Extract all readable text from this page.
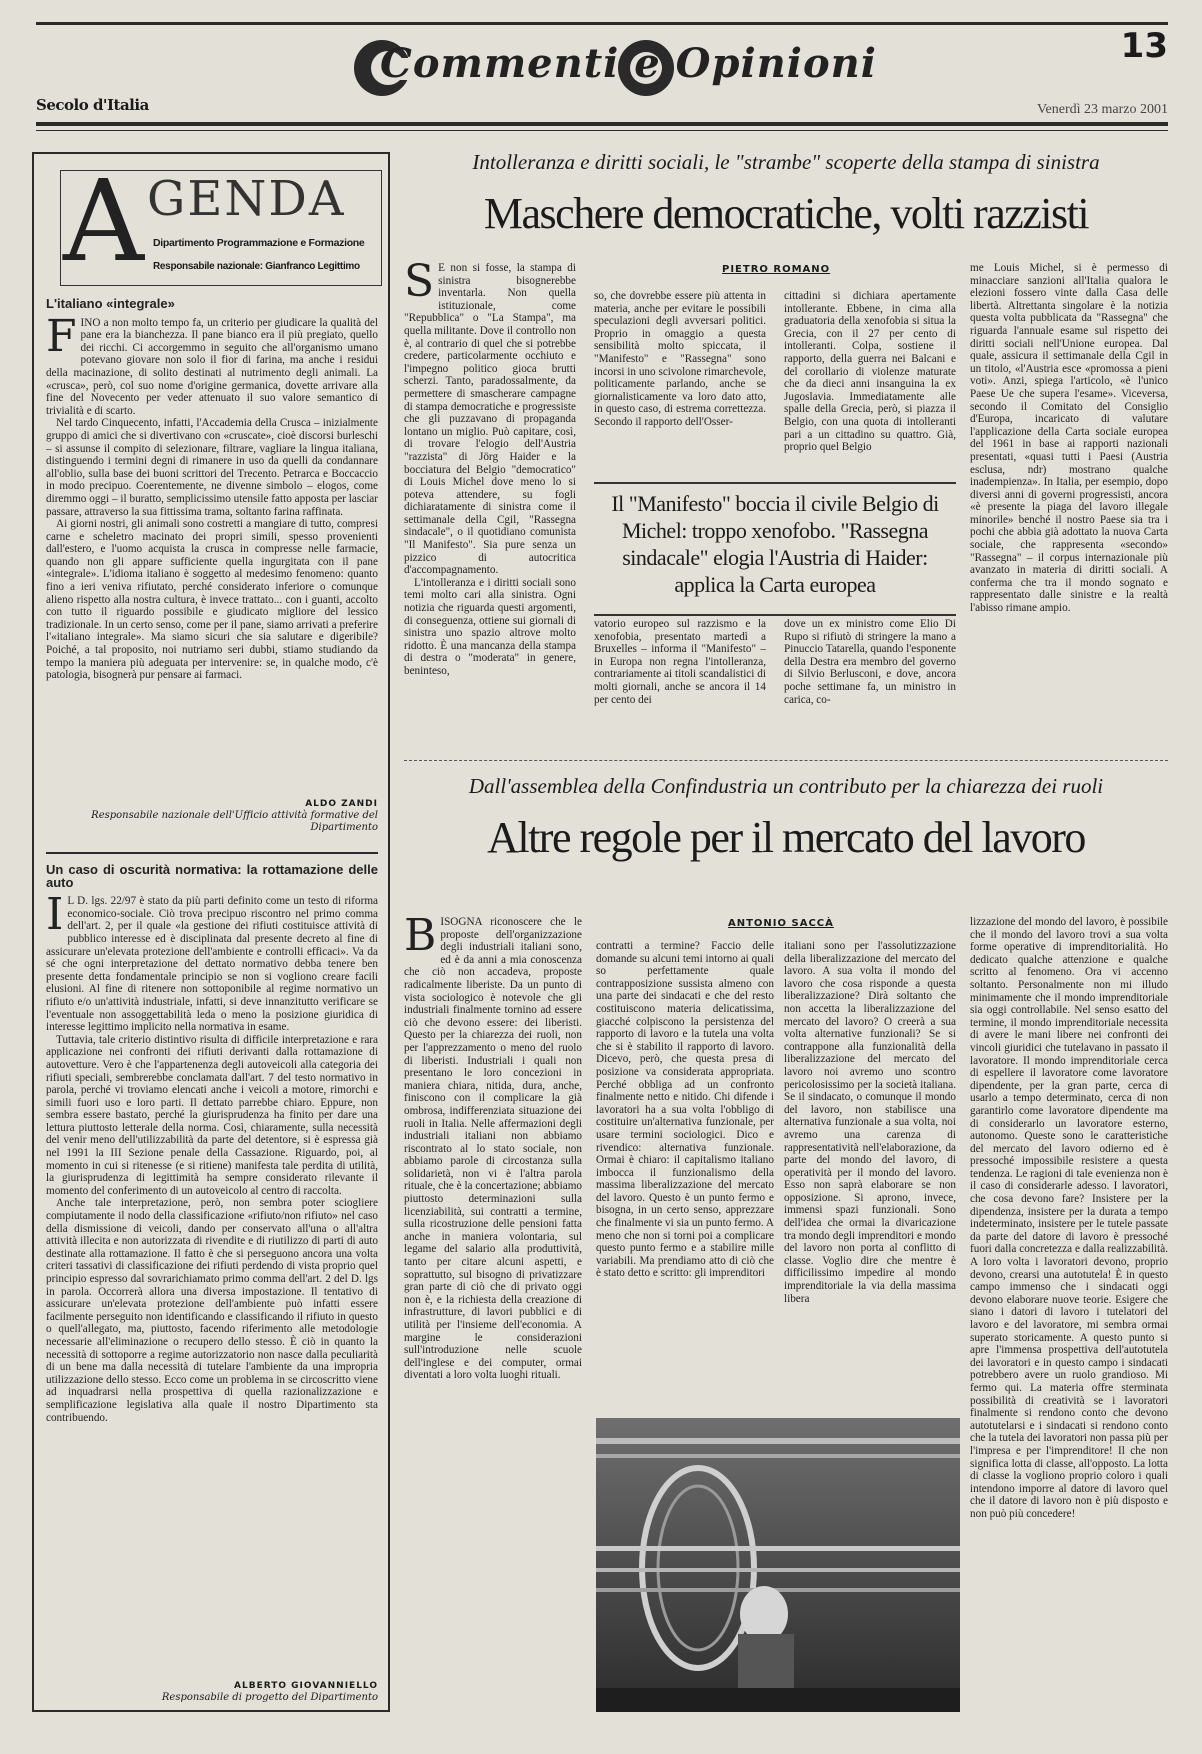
Commenti e Opinioni	13
Secolo d'Italia	Venerdì 23 marzo 2001
A GENDA
Dipartimento Programmazione e Formazione
Responsabile nazionale: Gianfranco Legittimo
L'italiano «integrale»

FINO a non molto tempo fa, un criterio per giudicare la qualità del pane era la bianchezza. Il pane bianco era il più pregiato, quello dei ricchi. Ci accorgemmo in seguito che all'organismo umano potevano giovare non solo il fior di farina, ma anche i residui della macinazione, di solito destinati al nutrimento degli animali. La «crusca», però, col suo nome d'origine germanica, dovette arrivare alla fine del Novecento per veder attenuato il suo valore semantico di trivialità e di scarto.

Nel tardo Cinquecento, infatti, l'Accademia della Crusca – inizialmente gruppo di amici che si divertivano con «cruscate», cioè discorsi burleschi – si assunse il compito di selezionare, filtrare, vagliare la lingua italiana, distinguendo i termini degni di rimanere in uso da quelli da condannare all'oblio, sulla base dei buoni scrittori del Trecento. Petrarca e Boccaccio in modo precipuo. Coerentemente, ne divenne simbolo – elogos, come diremmo oggi – il buratto, semplicissimo utensile fatto apposta per lasciar passare, attraverso la sua fittissima trama, soltanto farina raffinata.

Ai giorni nostri, gli animali sono costretti a mangiare di tutto, compresi carne e scheletro macinato dei propri simili, spesso provenienti dall'estero, e l'uomo acquista la crusca in compresse nelle farmacie, quando non gli appare sufficiente quella ingurgitata con il pane «integrale». L'idioma italiano è soggetto al medesimo fenomeno: quanto fino a ieri veniva rifiutato, perché considerato inferiore o comunque alieno rispetto alla nostra cultura, è invece trattato... con i guanti, accolto con tutto il riguardo possibile e giudicato migliore del lessico tradizionale. In un certo senso, come per il pane, siamo arrivati a preferire l'«italiano integrale». Ma siamo sicuri che sia salutare e digeribile? Poiché, a tal proposito, noi nutriamo seri dubbi, stiamo studiando da tempo la maniera più adeguata per intervenire: se, in qualche modo, c'è patologia, bisognerà pur pensare ai farmaci.

ALDO ZANDI
Responsabile nazionale dell'Ufficio attività formative del Dipartimento
Un caso di oscurità normativa: la rottamazione delle auto

I L D. lgs. 22/97 è stato da più parti definito come un testo di riforma economico-sociale. Ciò trova precipuo riscontro nel primo comma dell'art. 2, per il quale «la gestione dei rifiuti costituisce attività di pubblico interesse ed è disciplinata dal presente decreto al fine di assicurare un'elevata protezione dell'ambiente e controlli efficaci». Va da sé che ogni interpretazione del dettato normativo debba tenere ben presente detta fondamentale principio se non si vogliono creare facili elusioni. Al fine di ritenere non sottoponibile al regime normativo un rifiuto e/o un'attività industriale, infatti, si deve innanzitutto verificare se l'eventuale non assoggettabilità leda o meno la posizione giuridica di interesse legittimo implicito nella normativa in esame.

Tuttavia, tale criterio distintivo risulta di difficile interpretazione e rara applicazione nei confronti dei rifiuti derivanti dalla rottamazione di autovetture. Vero è che l'appartenenza degli autoveicoli alla categoria dei rifiuti speciali, sembrerebbe conclamata dall'art. 7 del testo normativo in parola, perché vi troviamo elencati anche i veicoli a motore, rimorchi e simili fuori uso e loro parti. Il dettato parrebbe chiaro. Eppure, non sembra essere bastato, perché la giurisprudenza ha finito per dare una lettura piuttosto letterale della norma. Così, chiaramente, sulla necessità del venir meno dell'utilizzabilità da parte del detentore, si è espressa già nel 1991 la III Sezione penale della Cassazione. Riguardo, poi, al momento in cui si ritenesse (e si ritiene) manifesta tale perdita di utilità, la giurisprudenza di legittimità ha sempre considerato rilevante il momento del conferimento di un autoveicolo al centro di raccolta.

Anche tale interpretazione, però, non sembra poter sciogliere compiutamente il nodo della classificazione «rifiuto/non rifiuto» nel caso della dismissione di veicoli, dando per conservato all'una o all'altra attività illecita e non autorizzata di rivendite e di riutilizzo di parti di auto destinate alla rottamazione. Il fatto è che si perseguono ancora una volta criteri tassativi di classificazione dei rifiuti perdendo di vista proprio quel principio espresso dal sovrarichiamato primo comma dell'art. 2 del D. lgs in parola. Occorrerà allora una diversa impostazione. Il tentativo di assicurare un'elevata protezione dell'ambiente può infatti essere facilmente perseguito non identificando e classificando il rifiuto in questo o quell'allegato, ma, piuttosto, facendo riferimento alle metodologie necessarie all'eliminazione o recupero dello stesso. È ciò in quanto la necessità di sottoporre a regime autorizzatorio non nasce dalla peculiarità di un bene ma dalla necessità di tutelare l'ambiente da una impropria utilizzazione dello stesso. Ecco come un problema in se circoscritto viene ad inquadrarsi nella prospettiva di quella razionalizzazione e semplificazione legislativa alla quale il nostro Dipartimento sta contribuendo.

ALBERTO GIOVANNIELLO
Responsabile di progetto del Dipartimento
Intolleranza e diritti sociali, le "strambe" scoperte della stampa di sinistra
Maschere democratiche, volti razzisti
PIETRO ROMANO

S E non si fosse, la stampa di sinistra bisognerebbe inventarla. Non quella istituzionale, come "Repubblica" o "La Stampa", ma quella militante. Dove il controllo non è, al contrario di quel che si potrebbe credere, particolarmente occhiuto e l'impegno politico gioca brutti scherzi. Tanto, paradossalmente, da permettere di smascherare campagne di stampa democratiche e progressiste che gli puzzavano di propaganda lontano un miglio. Può capitare, così, di trovare l'elogio dell'Austria "razzista" di Jörg Haider e la bocciatura del Belgio "democratico" di Louis Michel dove meno lo si poteva attendere, su fogli dichiaratamente di sinistra come il settimanale della Cgil, "Rassegna sindacale", o il quotidiano comunista "Il Manifesto". Sia pure senza un pizzico di autocritica d'accompagnamento.

L'intolleranza e i diritti sociali sono temi molto cari alla sinistra. Ogni notizia che riguarda questi argomenti, di conseguenza, ottiene sui giornali di sinistra uno spazio altrove molto ridotto. È una mancanza della stampa di destra o "moderata" in genere, beninteso,

so, che dovrebbe essere più attenta in materia, anche per evitare le possibili speculazioni degli avversari politici. Proprio in omaggio a questa sensibilità molto spiccata, il "Manifesto" e "Rassegna" sono incorsi in uno scivolone rimarchevole, politicamente parlando, anche se giornalisticamente va loro dato atto, in questo caso, di estrema correttezza. Secondo il rapporto dell'Osser-

cittadini si dichiara apertamente intollerante. Ebbene, in cima alla graduatoria della xenofobia si situa la Grecia, con il 27 per cento di intolleranti. Colpa, sostiene il rapporto, della guerra nei Balcani e del corollario di violenze maturate che da dieci anni insanguina la ex Jugoslavia. Immediatamente alle spalle della Grecia, però, si piazza il Belgio, con una quota di intolleranti pari a un cittadino su quattro. Già, proprio quel Belgio

Il "Manifesto" boccia il civile Belgio di Michel: troppo xenofobo. "Rassegna sindacale" elogia l'Austria di Haider: applica la Carta europea

vatorio europeo sul razzismo e la xenofobia, presentato martedì a Bruxelles – informa il "Manifesto" – in Europa non regna l'intolleranza, contrariamente ai titoli scandalistici di molti giornali, anche se ancora il 14 per cento dei

dove un ex ministro come Elio Di Rupo si rifiutò di stringere la mano a Pinuccio Tatarella, quando l'esponente della Destra era membro del governo di Silvio Berlusconi, e dove, ancora poche settimane fa, un ministro in carica, co-

me Louis Michel, si è permesso di minacciare sanzioni all'Italia qualora le elezioni fossero vinte dalla Casa delle libertà. Altrettanta singolare è la notizia questa volta pubblicata da "Rassegna" che riguarda l'annuale esame sul rispetto dei diritti sociali nell'Unione europea. Dal quale, assicura il settimanale della Cgil in un titolo, «l'Austria esce «promossa a pieni voti». Anzi, spiega l'articolo, «è l'unico Paese Ue che supera l'esame». Viceversa, secondo il Comitato del Consiglio d'Europa, incaricato di valutare l'applicazione della Carta sociale europea del 1961 in base ai rapporti nazionali presentati, «quasi tutti i Paesi (Austria esclusa, ndr) mostrano qualche inadempienza». In Italia, per esempio, dopo diversi anni di governi progressisti, ancora «è presente la piaga del lavoro illegale minorile» benché il nostro Paese sia tra i pochi che abbia già adottato la nuova Carta sociale, che rappresenta «secondo» "Rassegna" – il corpus internazionale più avanzato in materia di diritti sociali. A conferma che tra il mondo sognato e rappresentato dalle sinistre e la realtà l'abisso rimane ampio.

Dall'assemblea della Confindustria un contributo per la chiarezza dei ruoli
Altre regole per il mercato del lavoro
ANTONIO SACCÀ

BISOGNA riconoscere che le proposte dell'organizzazione degli industriali italiani sono, ed è da anni a mia conoscenza che ciò non accadeva, proposte radicalmente liberiste. Da un punto di vista sociologico è notevole che gli industriali finalmente tornino ad essere ciò che devono essere: dei liberisti. Questo per la chiarezza dei ruoli, non per l'apprezzamento o meno del ruolo di liberisti. Industriali i quali non presentano le loro concezioni in maniera chiara, nitida, dura, anche, finiscono con il complicare la già ombrosa, indifferenziata situazione dei ruoli in Italia. Nelle affermazioni degli industriali italiani non abbiamo riscontrato al lo stato sociale, non abbiamo parole di circostanza sulla solidarietà, non vi è l'altra parola rituale, che è la concertazione; abbiamo piuttosto determinazioni sulla licenziabilità, sui contratti a termine, sulla ricostruzione delle pensioni fatta anche in maniera volontaria, sul legame del salario alla produttività, tanto per citare alcuni aspetti, e soprattutto, sul bisogno di privatizzare gran parte di ciò che di privato oggi non è, e la richiesta della creazione di infrastrutture, di lavori pubblici e di utilità per l'insieme dell'economia. A margine le considerazioni sull'introduzione nelle scuole dell'inglese e dei computer, ormai diventati a loro volta luoghi rituali.

contratti a termine? Faccio delle domande su alcuni temi intorno ai quali so perfettamente quale contrapposizione sussista almeno con una parte dei sindacati e che del resto costituiscono materia delicatissima, giacché colpiscono la persistenza del rapporto di lavoro e la tutela una volta che si è stabilito il rapporto di lavoro. Dicevo, però, che questa presa di posizione va considerata appropriata. Perché obbliga ad un confronto finalmente netto e nitido. Chi difende i lavoratori ha a sua volta l'obbligo di costituire un'alternativa funzionale, per usare termini sociologici. Dico e rivendico: alternativa funzionale. Ormai è chiaro: il capitalismo italiano imbocca il funzionalismo della massima liberalizzazione del mercato del lavoro. Questo è un punto fermo e bisogna, in un certo senso, apprezzare che finalmente vi sia un punto fermo. A meno che non si torni poi a complicare questo punto fermo e a stabilire mille variabili. Ma prendiamo atto di ciò che è stato detto e scritto: gli imprenditori

italiani sono per l'assolutizzazione della liberalizzazione del mercato del lavoro. A sua volta il mondo del lavoro che cosa risponde a questa liberalizzazione? Dirà soltanto che non accetta la liberalizzazione del mercato del lavoro? O creerà a sua volta alternative funzionali? Se si contrappone alla funzionalità della liberalizzazione del mercato del lavoro noi avremo uno scontro pericolosissimo per la società italiana. Se il sindacato, o comunque il mondo del lavoro, non stabilisce una alternativa funzionale a sua volta, noi avremo una carenza di rappresentatività nell'elaborazione, da parte del mondo del lavoro, di operatività per il mondo del lavoro. Esso non saprà elaborare se non opposizione. Si aprono, invece, immensi spazi funzionali. Sono dell'idea che ormai la divaricazione tra mondo degli imprenditori e mondo del lavoro non porta al conflitto di classe. Voglio dire che mentre è difficilissimo impedire al mondo imprenditoriale la via della massima libera

lizzazione del mondo del lavoro, è possibile che il mondo del lavoro trovi a sua volta forme operative di imprenditorialità. Ho dedicato qualche attenzione e qualche scritto al fenomeno. Ora vi accenno soltanto. Personalmente non mi illudo minimamente che il mondo imprenditoriale sia oggi controllabile. Nel senso esatto del termine, il mondo imprenditoriale necessita di avere le mani libere nei confronti dei vincoli giuridici che tutelavano in passato il lavoratore. Il mondo imprenditoriale cerca di espellere il lavoratore come lavoratore dipendente, per la gran parte, cerca di usarlo a tempo determinato, cerca di non garantirlo come lavoratore dipendente ma di considerarlo un lavoratore esterno, autonomo. Queste sono le caratteristiche del mercato del lavoro odierno ed è pressoché impossibile resistere a questa tendenza. Le ragioni di tale evenienza non è il caso di considerarle adesso. I lavoratori, che cosa devono fare? Insistere per la dipendenza, insistere per la durata a tempo indeterminato, insistere per le tutele passate da parte del datore di lavoro è pressoché fuori dalla concretezza e dalla realizzabilità. A loro volta i lavoratori devono, proprio devono, crearsi una autotutela! È in questo campo immenso che i sindacati oggi devono elaborare nuove teorie. Esigere che siano i datori di lavoro i tutelatori del lavoro e del lavoratore, mi sembra ormai superato storicamente. A questo punto si apre l'immensa prospettiva dell'autotutela dei lavoratori e in questo campo i sindacati potrebbero avere un ruolo grandioso. Mi fermo qui. La materia offre sterminata possibilità di creatività se i lavoratori finalmente si rendono conto che devono autotutelarsi e i sindacati si rendono conto che la tutela dei lavoratori non passa più per l'impresa e per l'imprenditore! Il che non significa lotta di classe, all'opposto. La lotta di classe la vogliono proprio coloro i quali intendono imporre al datore di lavoro quel che il datore di lavoro non è più disposto e non può più concedere!
